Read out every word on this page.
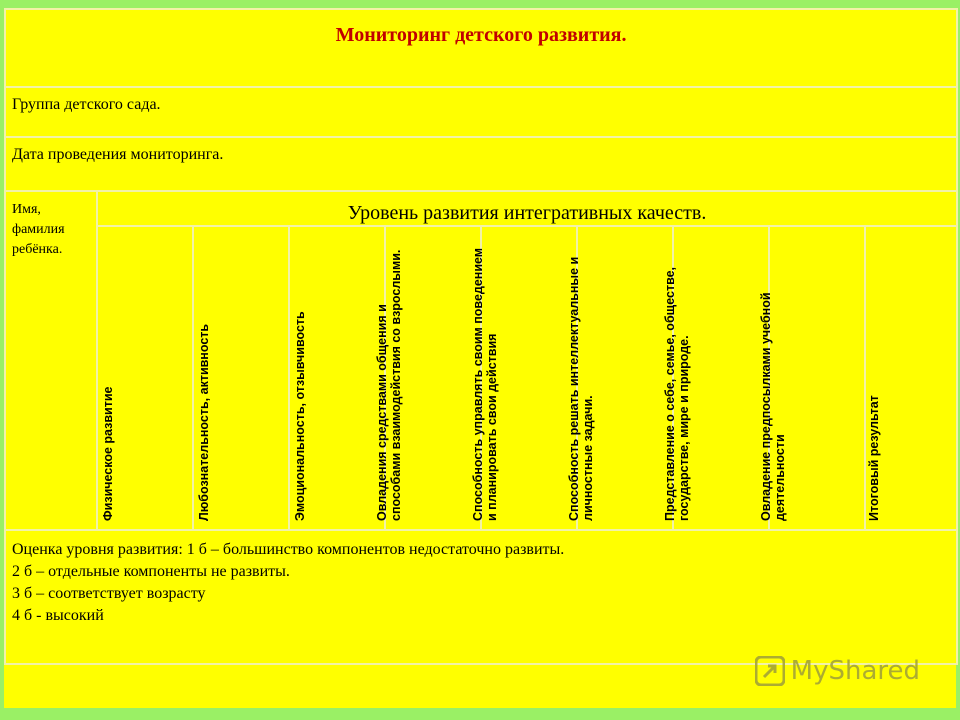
Мониторинг детского развития.									

Группа детского сада.									
Дата проведения мониторинга.									
Имя, фамилия ребёнка.	Уровень развития интегративных качеств.								

	Физическое развитие	Любознательность, активность	Эмоциональность, отзывчивость	Овладения средствами общения и способами взаимодействия со взрослыми.	Способность управлять своим поведением и планировать свои действия	Способность решать интеллектуальные и личностные задачи.	Представление о себе, семье, обществе, государстве, мире и природе.	Овладение предпосылками учебной деятельности	Итоговый результат

Оценка уровня развития: 1 б – большинство компонентов недостаточно развиты.
2 б – отдельные компоненты не развиты.
3 б – соответствует возрасту
4 б - высокий									
MyShared
